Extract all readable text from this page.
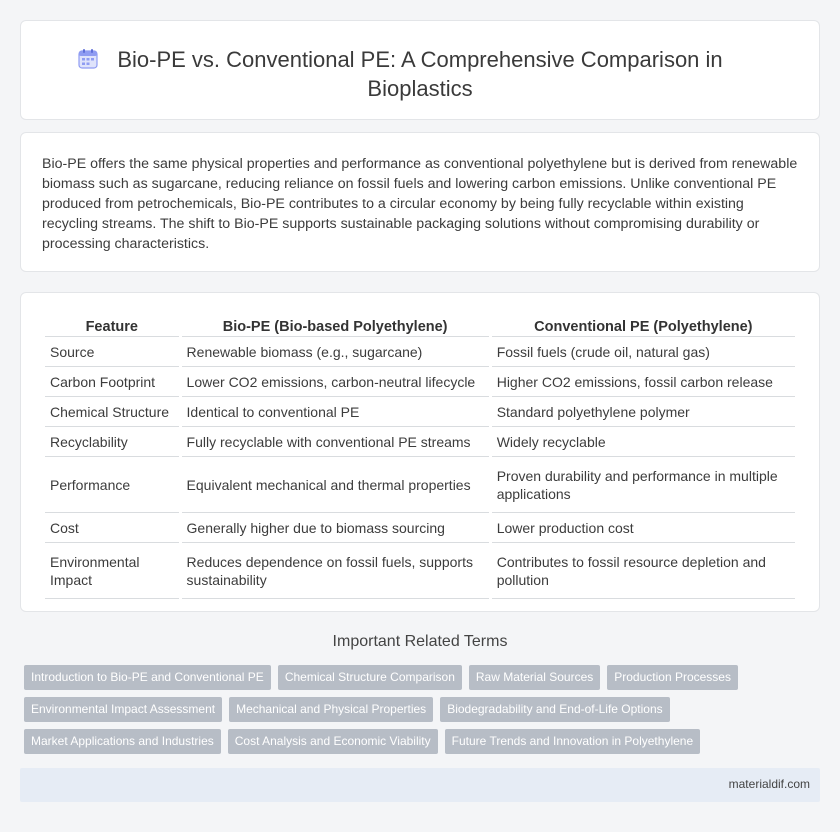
Bio-PE vs. Conventional PE: A Comprehensive Comparison in Bioplastics

Bio-PE offers the same physical properties and performance as conventional polyethylene but is derived from renewable biomass such as sugarcane, reducing reliance on fossil fuels and lowering carbon emissions. Unlike conventional PE produced from petrochemicals, Bio-PE contributes to a circular economy by being fully recyclable within existing recycling streams. The shift to Bio-PE supports sustainable packaging solutions without compromising durability or processing characteristics.

Feature	Bio-PE (Bio-based Polyethylene)	Conventional PE (Polyethylene)
Source	Renewable biomass (e.g., sugarcane)	Fossil fuels (crude oil, natural gas)
Carbon Footprint	Lower CO2 emissions, carbon-neutral lifecycle	Higher CO2 emissions, fossil carbon release
Chemical Structure	Identical to conventional PE	Standard polyethylene polymer
Recyclability	Fully recyclable with conventional PE streams	Widely recyclable
Performance	Equivalent mechanical and thermal properties	Proven durability and performance in multiple applications
Cost	Generally higher due to biomass sourcing	Lower production cost
Environmental Impact	Reduces dependence on fossil fuels, supports sustainability	Contributes to fossil resource depletion and pollution
Important Related Terms
Introduction to Bio-PE and Conventional PE	Chemical Structure Comparison	Raw Material Sources	Production Processes
Environmental Impact Assessment	Mechanical and Physical Properties	Biodegradability and End-of-Life Options
Market Applications and Industries	Cost Analysis and Economic Viability	Future Trends and Innovation in Polyethylene
materialdif.com
